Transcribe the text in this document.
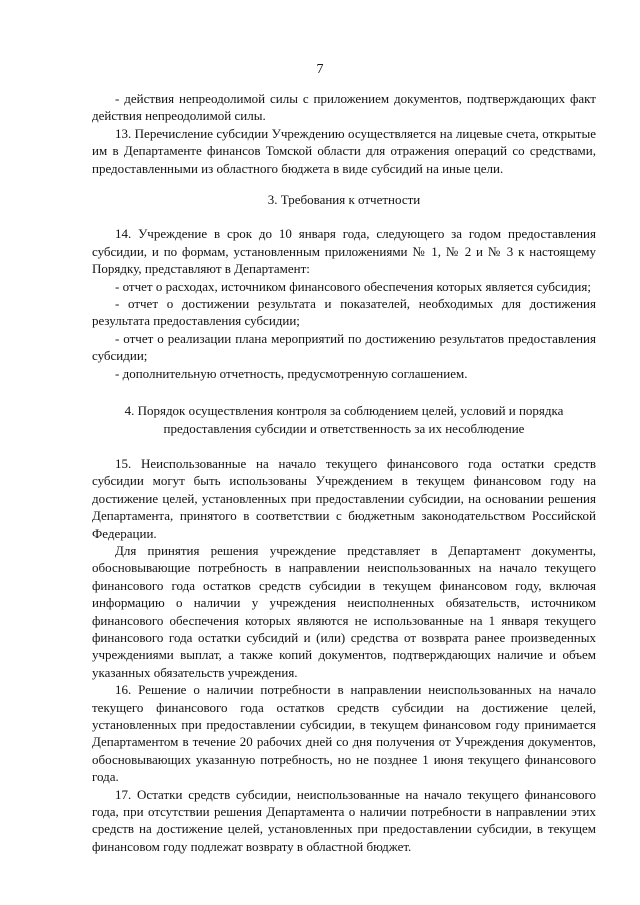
7

- действия непреодолимой силы с приложением документов, подтверждающих факт действия непреодолимой силы.

13. Перечисление субсидии Учреждению осуществляется на лицевые счета, открытые им в Департаменте финансов Томской области для отражения операций со средствами, предоставленными из областного бюджета в виде субсидий на иные цели.

3. Требования к отчетности

14. Учреждение в срок до 10 января года, следующего за годом предоставления субсидии, и по формам, установленным приложениями № 1, № 2 и № 3 к настоящему Порядку, представляют в Департамент:

- отчет о расходах, источником финансового обеспечения которых является субсидия;

- отчет о достижении результата и показателей, необходимых для достижения результата предоставления субсидии;

- отчет о реализации плана мероприятий по достижению результатов предоставления субсидии;

- дополнительную отчетность, предусмотренную соглашением.

4. Порядок осуществления контроля за соблюдением целей, условий и порядка

предоставления субсидии и ответственность за их несоблюдение

15. Неиспользованные на начало текущего финансового года остатки средств субсидии могут быть использованы Учреждением в текущем финансовом году на достижение целей, установленных при предоставлении субсидии, на основании решения Департамента, принятого в соответствии с бюджетным законодательством Российской Федерации.

Для принятия решения учреждение представляет в Департамент документы, обосновывающие потребность в направлении неиспользованных на начало текущего финансового года остатков средств субсидии в текущем финансовом году, включая информацию о наличии у учреждения неисполненных обязательств, источником финансового обеспечения которых являются не использованные на 1 января текущего финансового года остатки субсидий и (или) средства от возврата ранее произведенных учреждениями выплат, а также копий документов, подтверждающих наличие и объем указанных обязательств учреждения.

16. Решение о наличии потребности в направлении неиспользованных на начало текущего финансового года остатков средств субсидии на достижение целей, установленных при предоставлении субсидии, в текущем финансовом году принимается Департаментом в течение 20 рабочих дней со дня получения от Учреждения документов, обосновывающих указанную потребность, но не позднее 1 июня текущего финансового года.

17. Остатки средств субсидии, неиспользованные на начало текущего финансового года, при отсутствии решения Департамента о наличии потребности в направлении этих средств на достижение целей, установленных при предоставлении субсидии, в текущем финансовом году подлежат возврату в областной бюджет.
